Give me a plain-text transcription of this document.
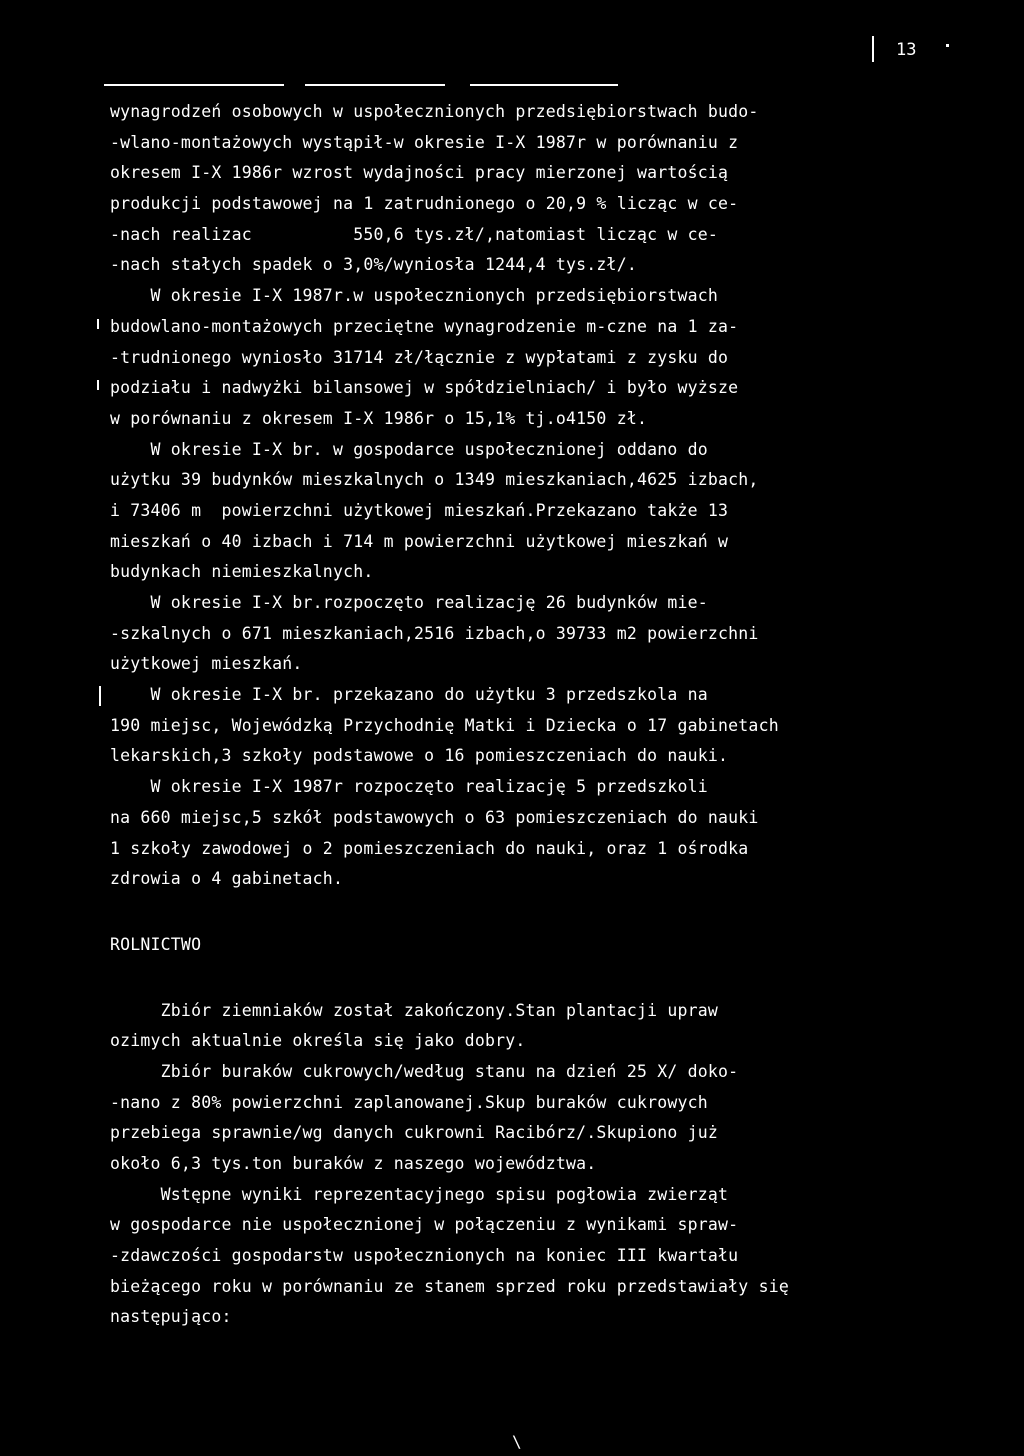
13
wynagrodzeń osobowych w uspołecznionych przedsiębiorstwach budo-
-wlano-montażowych wystąpił-w okresie I-X 1987r w porównaniu z
okresem I-X 1986r wzrost wydajności pracy mierzonej wartością
produkcji podstawowej na 1 zatrudnionego o 20,9 % licząc w ce-
-nach realizac          550,6 tys.zł/,natomiast licząc w ce-
-nach stałych spadek o 3,0%/wyniosła 1244,4 tys.zł/.
W okresie I-X 1987r.w uspołecznionych przedsiębiorstwach
budowlano-montażowych przeciętne wynagrodzenie m-czne na 1 za-
-trudnionego wyniosło 31714 zł/łącznie z wypłatami z zysku do
podziału i nadwyżki bilansowej w spółdzielniach/ i było wyższe
w porównaniu z okresem I-X 1986r o 15,1% tj.o4150 zł.
W okresie I-X br. w gospodarce uspołecznionej oddano do
użytku 39 budynków mieszkalnych o 1349 mieszkaniach,4625 izbach,
i 73406 m  powierzchni użytkowej mieszkań.Przekazano także 13
mieszkań o 40 izbach i 714 m powierzchni użytkowej mieszkań w
budynkach niemieszkalnych.
W okresie I-X br.rozpoczęto realizację 26 budynków mie-
-szkalnych o 671 mieszkaniach,2516 izbach,o 39733 m2 powierzchni
użytkowej mieszkań.
W okresie I-X br. przekazano do użytku 3 przedszkola na
190 miejsc, Wojewódzką Przychodnię Matki i Dziecka o 17 gabinetach
lekarskich,3 szkoły podstawowe o 16 pomieszczeniach do nauki.
W okresie I-X 1987r rozpoczęto realizację 5 przedszkoli
na 660 miejsc,5 szkół podstawowych o 63 pomieszczeniach do nauki
1 szkoły zawodowej o 2 pomieszczeniach do nauki, oraz 1 ośrodka
zdrowia o 4 gabinetach.
ROLNICTWO
Zbiór ziemniaków został zakończony.Stan plantacji upraw
ozimych aktualnie określa się jako dobry.
Zbiór buraków cukrowych/według stanu na dzień 25 X/ doko-
-nano z 80% powierzchni zaplanowanej.Skup buraków cukrowych
przebiega sprawnie/wg danych cukrowni Racibórz/.Skupiono już
około 6,3 tys.ton buraków z naszego województwa.
Wstępne wyniki reprezentacyjnego spisu pogłowia zwierząt
w gospodarce nie uspołecznionej w połączeniu z wynikami spraw-
-zdawczości gospodarstw uspołecznionych na koniec III kwartału
bieżącego roku w porównaniu ze stanem sprzed roku przedstawiały się
następująco:
\
